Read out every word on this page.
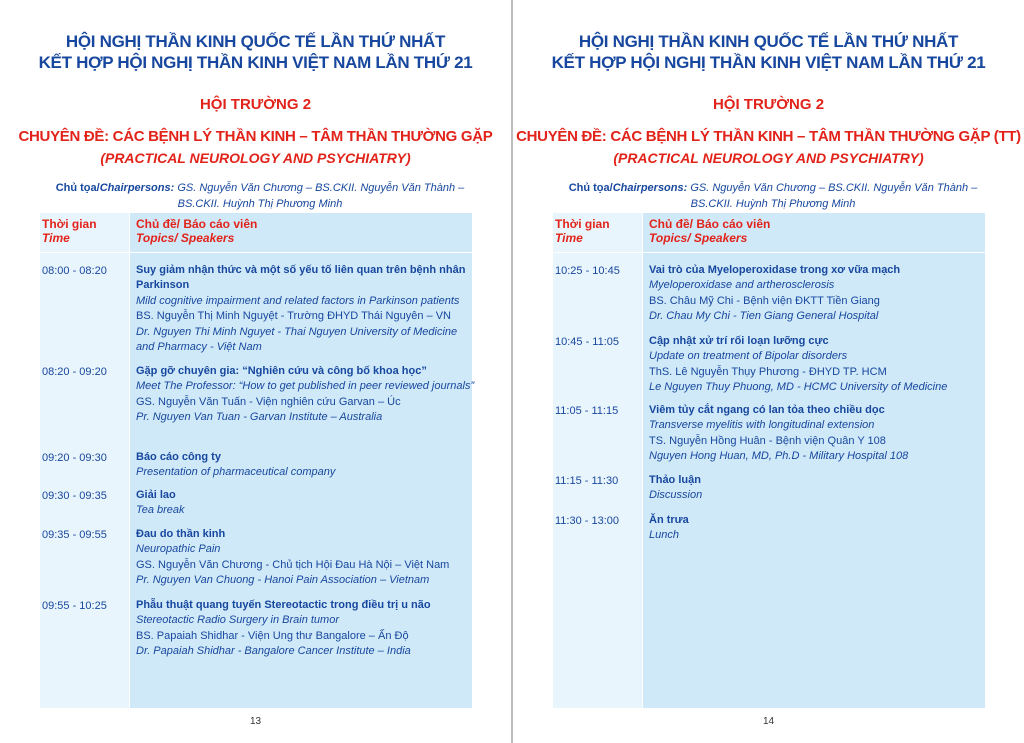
HỘI NGHỊ THẦN KINH QUỐC TẾ LẦN THỨ NHẤT
KẾT HỢP HỘI NGHỊ THẦN KINH VIỆT NAM LẦN THỨ 21
HỘI TRƯỜNG 2
CHUYÊN ĐỀ: CÁC BỆNH LÝ THẦN KINH – TÂM THẦN THƯỜNG GẶP
(PRACTICAL NEUROLOGY AND PSYCHIATRY)
Chủ tọa/Chairpersons: GS. Nguyễn Văn Chương – BS.CKII. Nguyễn Văn Thành –
BS.CKII. Huỳnh Thị Phương Minh
Thời gian
Time
Chủ đề/ Báo cáo viên
Topics/ Speakers
08:00 - 08:20	Suy giảm nhận thức và một số yếu tố liên quan trên bệnh nhân Parkinson
Mild cognitive impairment and related factors in Parkinson patients
BS. Nguyễn Thị Minh Nguyệt - Trường ĐHYD Thái Nguyên – VN
Dr. Nguyen Thi Minh Nguyet - Thai Nguyen University of Medicine and Pharmacy - Việt Nam
08:20 - 09:20	Gặp gỡ chuyên gia: “Nghiên cứu và công bố khoa học”
Meet The Professor: “How to get published in peer reviewed journals”
GS. Nguyễn Văn Tuấn - Viện nghiên cứu Garvan – Úc
Pr. Nguyen Van Tuan - Garvan Institute – Australia
09:20 - 09:30	Báo cáo công ty
Presentation of pharmaceutical company
09:30 - 09:35	Giải lao
Tea break
09:35 - 09:55	Đau do thần kinh
Neuropathic Pain
GS. Nguyễn Văn Chương - Chủ tịch Hội Đau Hà Nội – Việt Nam
Pr. Nguyen Van Chuong - Hanoi Pain Association – Vietnam
09:55 - 10:25	Phẫu thuật quang tuyến Stereotactic trong điều trị u não
Stereotactic Radio Surgery in Brain tumor
BS. Papaiah Shidhar - Viện Ung thư Bangalore – Ấn Độ
Dr. Papaiah Shidhar - Bangalore Cancer Institute – India
13
HỘI NGHỊ THẦN KINH QUỐC TẾ LẦN THỨ NHẤT
KẾT HỢP HỘI NGHỊ THẦN KINH VIỆT NAM LẦN THỨ 21
HỘI TRƯỜNG 2
CHUYÊN ĐỀ: CÁC BỆNH LÝ THẦN KINH – TÂM THẦN THƯỜNG GẶP (TT)
(PRACTICAL NEUROLOGY AND PSYCHIATRY)
Chủ tọa/Chairpersons: GS. Nguyễn Văn Chương – BS.CKII. Nguyễn Văn Thành –
BS.CKII. Huỳnh Thị Phương Minh
Thời gian
Time
Chủ đề/ Báo cáo viên
Topics/ Speakers
10:25 - 10:45	Vai trò của Myeloperoxidase trong xơ vữa mạch
Myeloperoxidase and artherosclerosis
BS. Châu Mỹ Chi - Bệnh viện ĐKTT Tiền Giang
Dr. Chau My Chi - Tien Giang General Hospital
10:45 - 11:05	Cập nhật xử trí rối loạn lưỡng cực
Update on treatment of Bipolar disorders
ThS. Lê Nguyễn Thụy Phương - ĐHYD TP. HCM
Le Nguyen Thuy Phuong, MD - HCMC University of Medicine
11:05 - 11:15	Viêm tủy cắt ngang có lan tỏa theo chiều dọc
Transverse myelitis with longitudinal extension
TS. Nguyễn Hồng Huân - Bệnh viện Quân Y 108
Nguyen Hong Huan, MD, Ph.D - Military Hospital 108
11:15 - 11:30	Thảo luận
Discussion
11:30 - 13:00	Ăn trưa
Lunch
14
